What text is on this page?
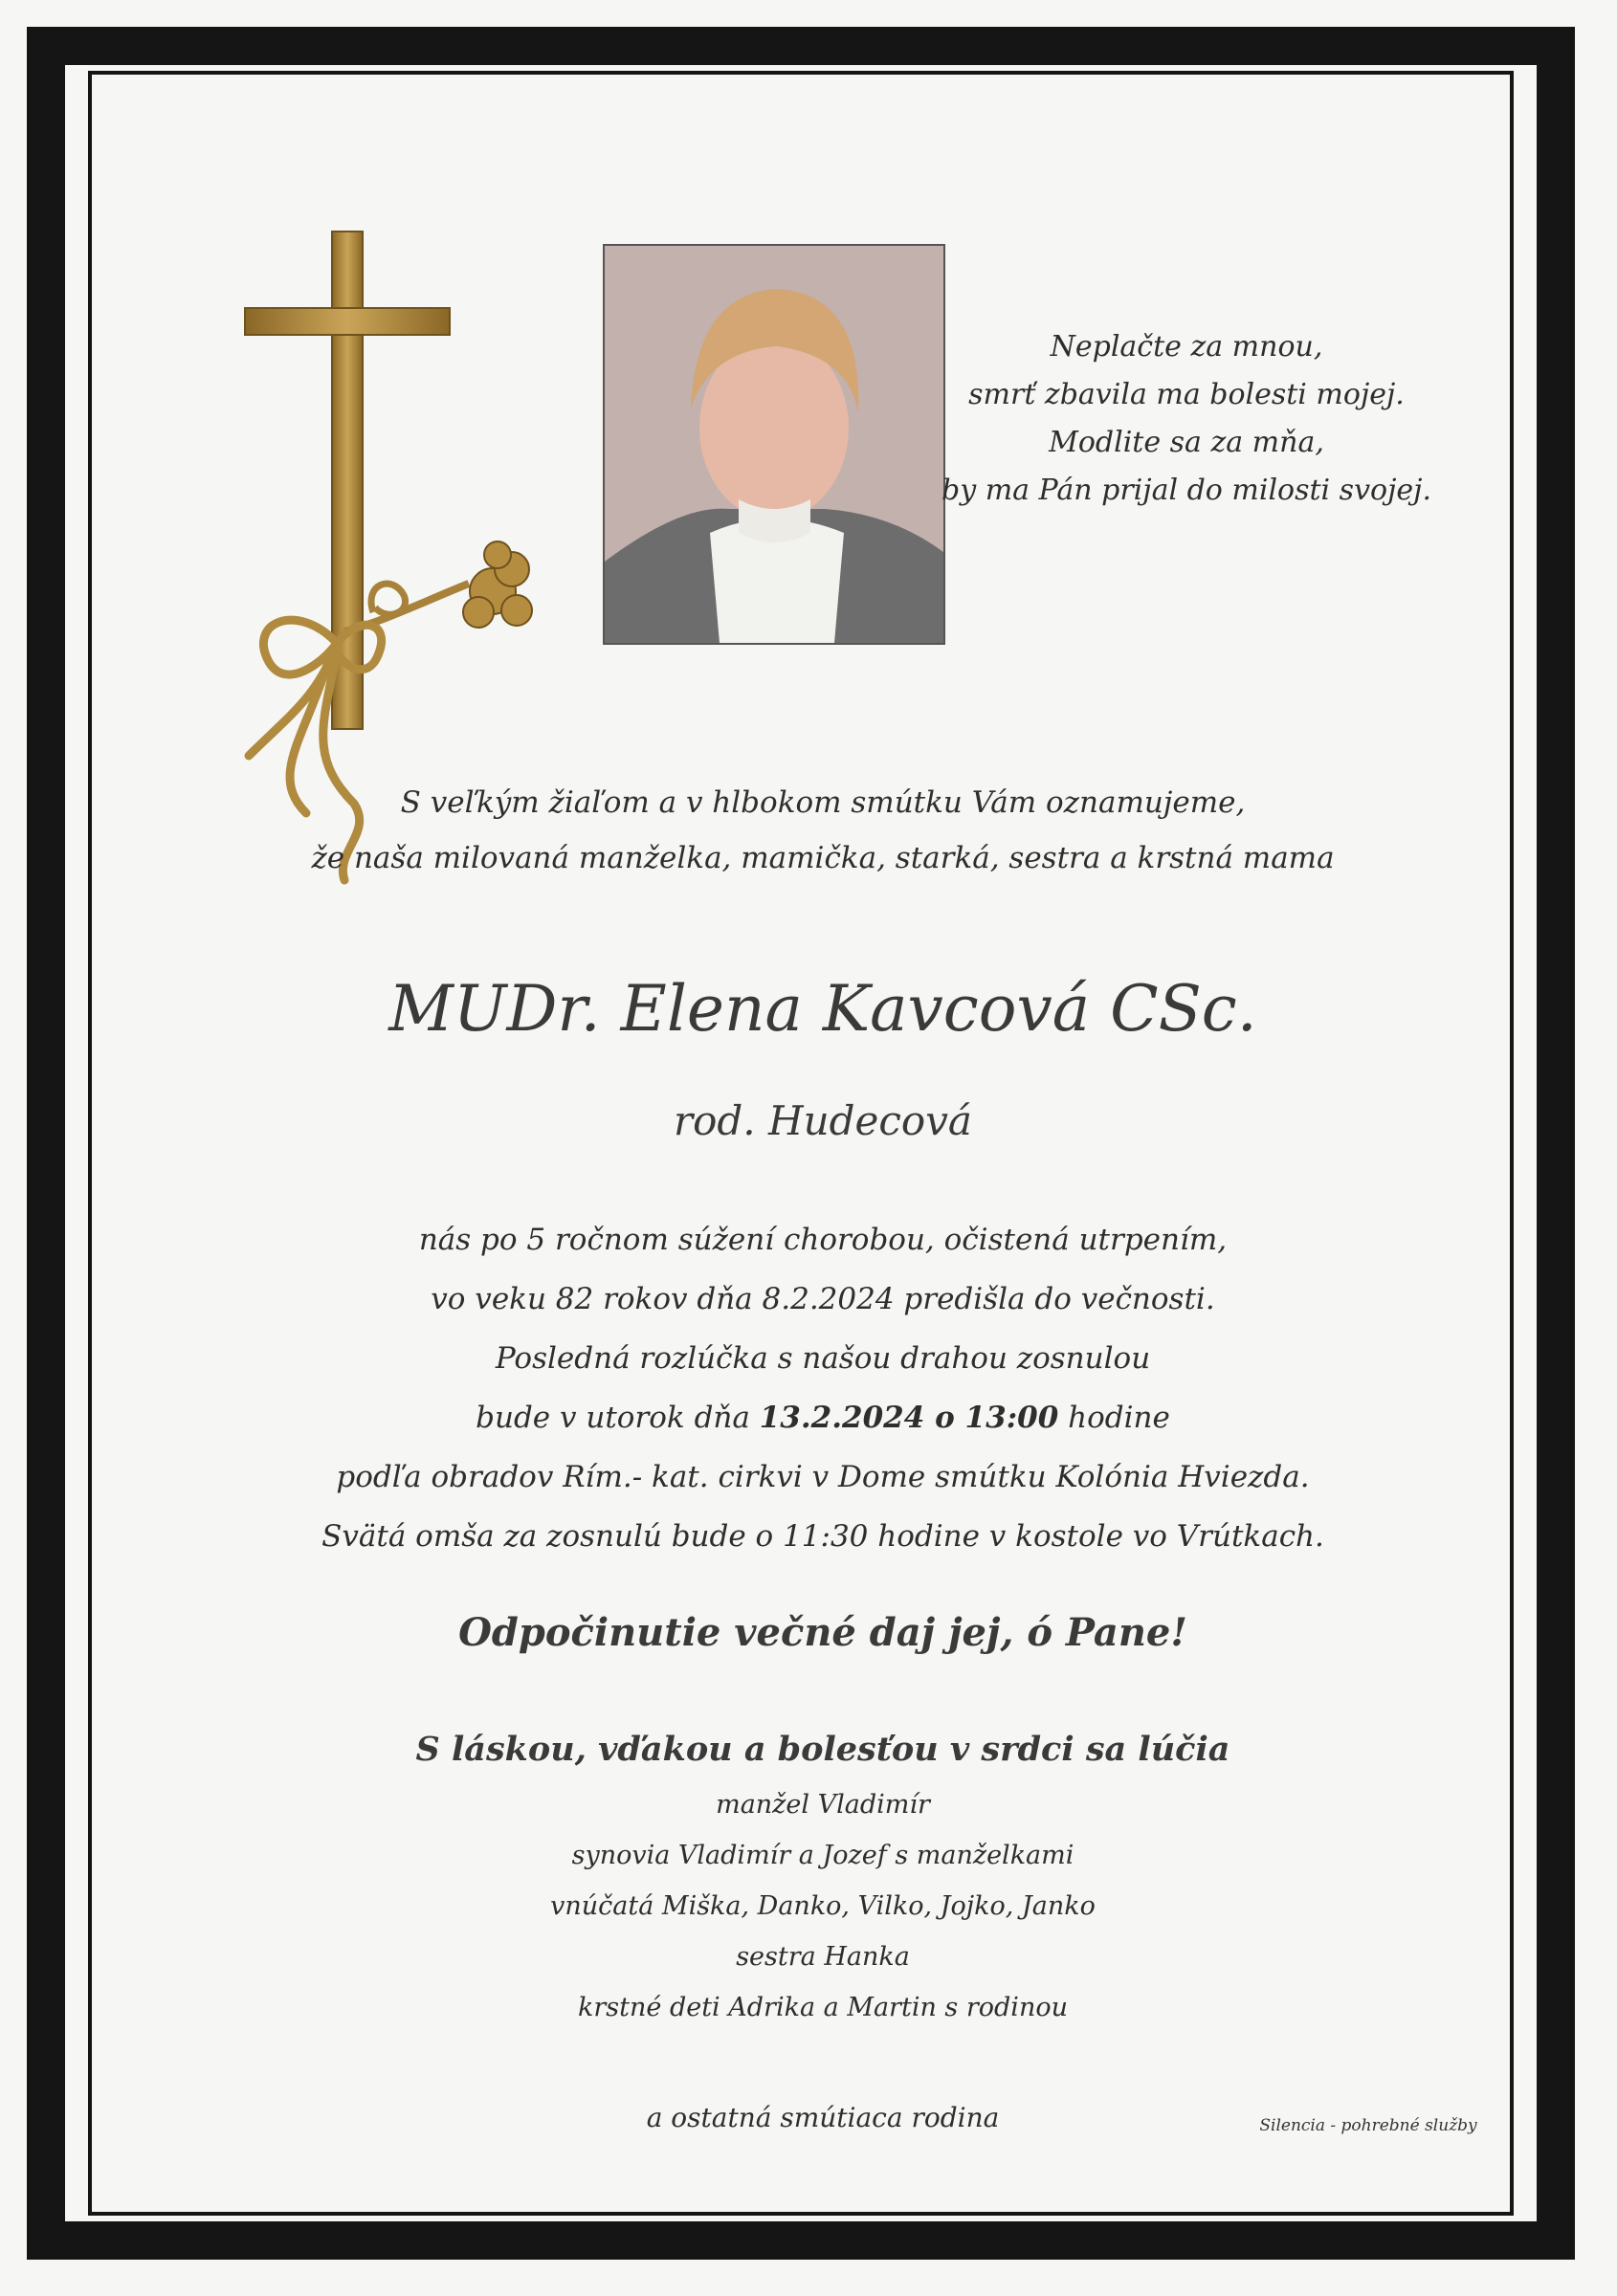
Neplačte za mnou,
smrť zbavila ma bolesti mojej.
Modlite sa za mňa,
by ma Pán prijal do milosti svojej.
S veľkým žiaľom a v hlbokom smútku Vám oznamujeme,
že naša milovaná manželka, mamička, starká, sestra a krstná mama
MUDr. Elena Kavcová CSc.
rod. Hudecová
nás po 5 ročnom súžení chorobou, očistená utrpením,
vo veku 82 rokov dňa 8.2.2024 predišla do večnosti.
Posledná rozlúčka s našou drahou zosnulou
bude v utorok dňa 13.2.2024 o 13:00 hodine
podľa obradov Rím.- kat. cirkvi v Dome smútku Kolónia Hviezda.
Svätá omša za zosnulú bude o 11:30 hodine v kostole vo Vrútkach.
Odpočinutie večné daj jej, ó Pane!
S láskou, vďakou a bolesťou v srdci sa lúčia
manžel Vladimír
synovia Vladimír a Jozef s manželkami
vnúčatá Miška, Danko, Vilko, Jojko, Janko
sestra Hanka
krstné deti Adrika a Martin s rodinou
a ostatná smútiaca rodina	Silencia - pohrebné služby
